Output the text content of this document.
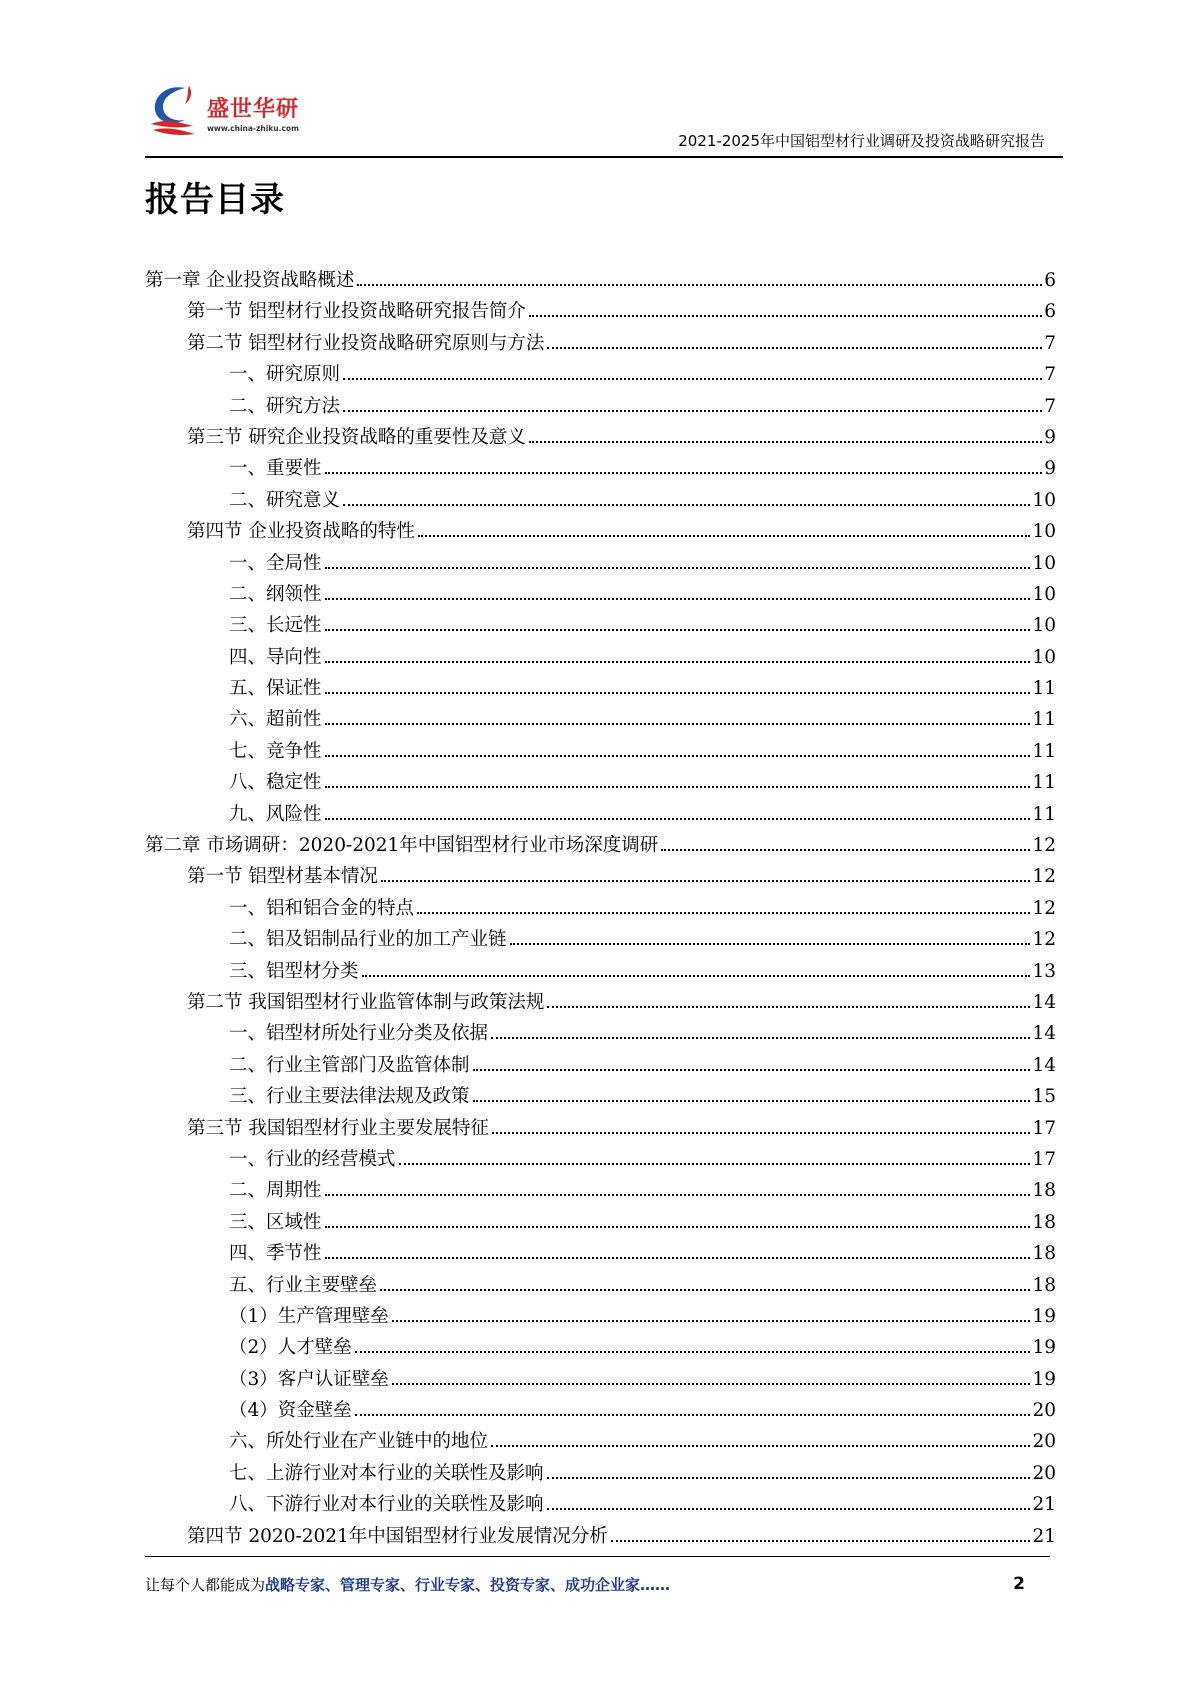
盛世华研
www.china-zhiku.com
2021-2025年中国铝型材行业调研及投资战略研究报告
报告目录
第一章 企业投资战略概述	6
第一节 铝型材行业投资战略研究报告简介	6
第二节 铝型材行业投资战略研究原则与方法	7
一、研究原则	7
二、研究方法	7
第三节 研究企业投资战略的重要性及意义	9
一、重要性	9
二、研究意义	10
第四节 企业投资战略的特性	10
一、全局性	10
二、纲领性	10
三、长远性	10
四、导向性	10
五、保证性	11
六、超前性	11
七、竞争性	11
八、稳定性	11
九、风险性	11
第二章 市场调研：2020-2021年中国铝型材行业市场深度调研	12
第一节 铝型材基本情况	12
一、铝和铝合金的特点	12
二、铝及铝制品行业的加工产业链	12
三、铝型材分类	13
第二节 我国铝型材行业监管体制与政策法规	14
一、铝型材所处行业分类及依据	14
二、行业主管部门及监管体制	14
三、行业主要法律法规及政策	15
第三节 我国铝型材行业主要发展特征	17
一、行业的经营模式	17
二、周期性	18
三、区域性	18
四、季节性	18
五、行业主要壁垒	18
（1）生产管理壁垒	19
（2）人才壁垒	19
（3）客户认证壁垒	19
（4）资金壁垒	20
六、所处行业在产业链中的地位	20
七、上游行业对本行业的关联性及影响	20
八、下游行业对本行业的关联性及影响	21
第四节 2020-2021年中国铝型材行业发展情况分析	21
让每个人都能成为战略专家、管理专家、行业专家、投资专家、成功企业家……	2
